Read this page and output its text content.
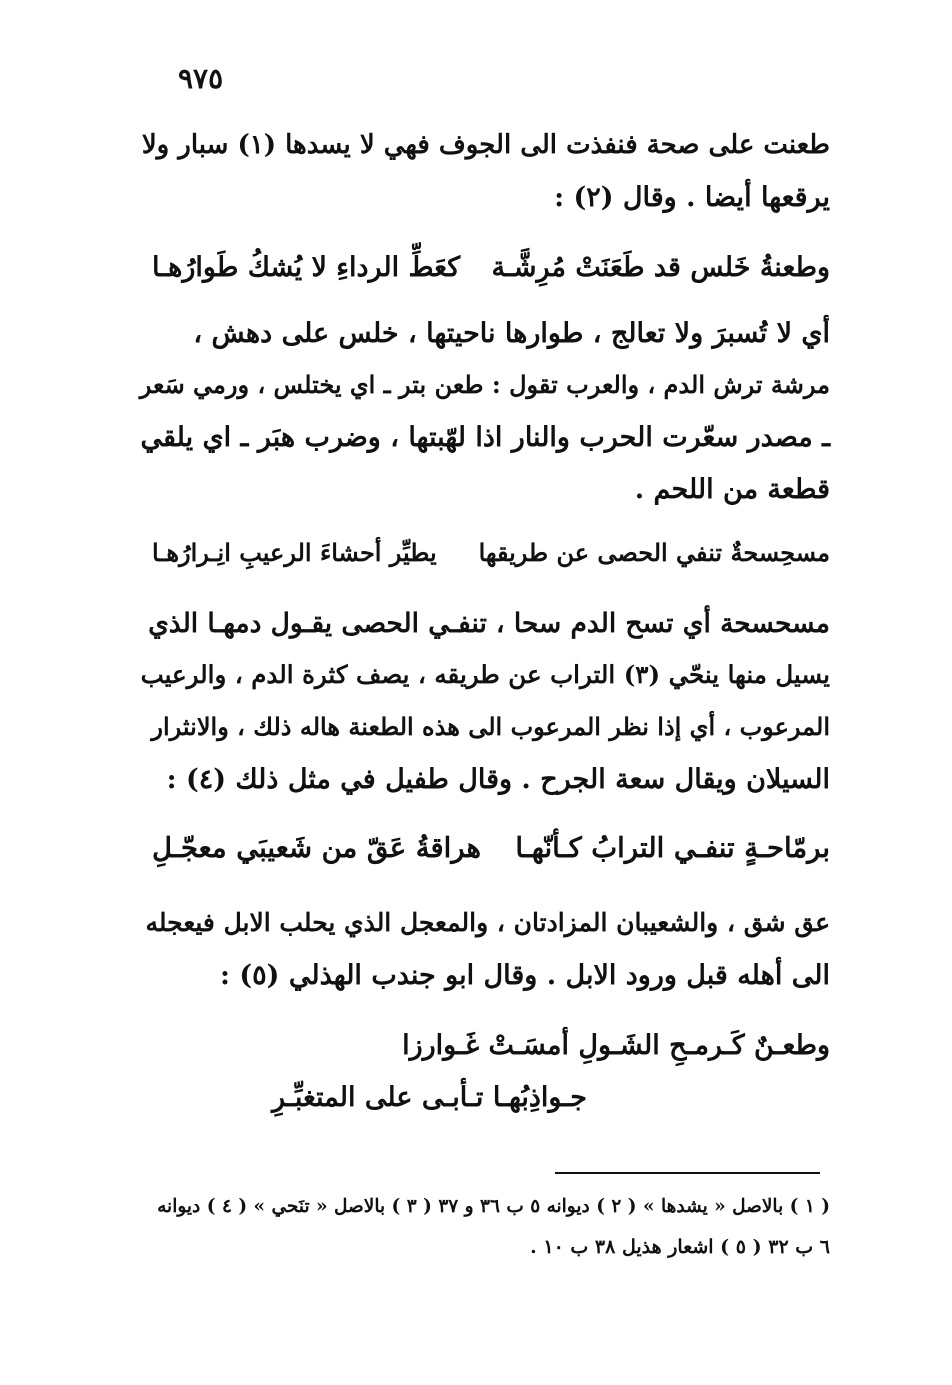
٩٧٥
طعنت على صحة فنفذت الى الجوف فهي لا يسدها (١) سبار ولا
يرقعها أيضا . وقال (٢) :
وطعنةُ خَلس قد طَعَنَتْ مُرِشَّـة
كعَطِّ الرداءِ لا يُشكُ طَوارُهـا
أي لا تُسبرَ ولا تعالج ، طوارها ناحيتها ، خلس على دهش ،
مرشة ترش الدم ، والعرب تقول : طعن بتر ـ اي يختلس ، ورمي سَعر
ـ مصدر سعّرت الحرب والنار اذا لهّبتها ، وضرب هبَر ـ اي يلقي
قطعة من اللحم .
مسحِسحةٌ تنفي الحصى عن طريقها
يطيِّر أحشاءَ الرعيبِ انِـرارُهـا
مسحسحة أي تسح الدم سحا ، تنفـي الحصى يقـول دمهـا الذي
يسيل منها ينحّي (٣) التراب عن طريقه ، يصف كثرة الدم ، والرعيب
المرعوب ، أي إذا نظر المرعوب الى هذه الطعنة هاله ذلك ، والانثرار
السيلان ويقال سعة الجرح . وقال طفيل في مثل ذلك (٤) :
برمّاحـةٍ تنفـي الترابُ كـأنّهـا
هراقةُ عَقّ من شَعيبَي معجّـلِ
عق شق ، والشعيبان المزادتان ، والمعجل الذي يحلب الابل فيعجله
الى أهله قبل ورود الابل . وقال ابو جندب الهذلي (٥) :
وطعـنٌ كَـرمـحِ الشَـولِ أمسَـتْ غَـوارزا
جـواذِبُهـا تـأبـى على المتغبِّـرِ
( ١ ) بالاصل « يشدها » ( ٢ ) ديوانه ٥ ب ٣٦ و ٣٧ ( ٣ ) بالاصل « تنَحي » ( ٤ ) ديوانه
٦ ب ٣٢ ( ٥ ) اشعار هذيل ٣٨ ب ١٠ .
